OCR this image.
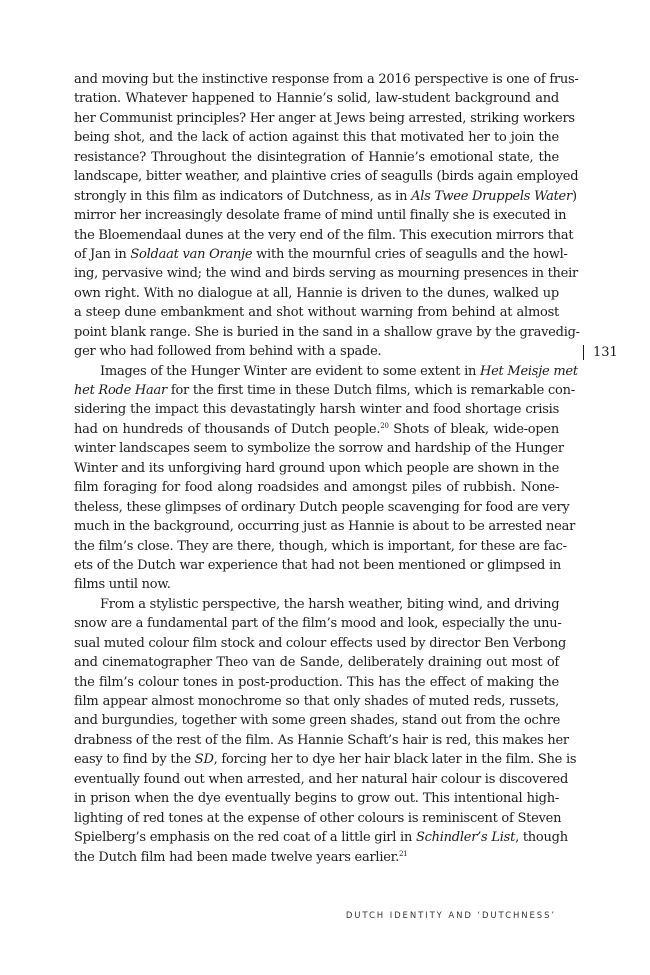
and moving but the instinctive response from a 2016 perspective is one of frus-
tration. Whatever happened to Hannie’s solid, law-student background and
her Communist principles? Her anger at Jews being arrested, striking workers
being shot, and the lack of action against this that motivated her to join the
resistance? Throughout the disintegration of Hannie’s emotional state, the
landscape, bitter weather, and plaintive cries of seagulls (birds again employed
strongly in this film as indicators of Dutchness, as in Als Twee Druppels Water)
mirror her increasingly desolate frame of mind until finally she is executed in
the Bloemendaal dunes at the very end of the film. This execution mirrors that
of Jan in Soldaat van Oranje with the mournful cries of seagulls and the howl-
ing, pervasive wind; the wind and birds serving as mourning presences in their
own right. With no dialogue at all, Hannie is driven to the dunes, walked up
a steep dune embankment and shot without warning from behind at almost
point blank range. She is buried in the sand in a shallow grave by the gravedig-
ger who had followed from behind with a spade.
Images of the Hunger Winter are evident to some extent in Het Meisje met
het Rode Haar for the first time in these Dutch films, which is remarkable con-
sidering the impact this devastatingly harsh winter and food shortage crisis
had on hundreds of thousands of Dutch people.$^{20}$ Shots of bleak, wide-open
winter landscapes seem to symbolize the sorrow and hardship of the Hunger
Winter and its unforgiving hard ground upon which people are shown in the
film foraging for food along roadsides and amongst piles of rubbish. None-
theless, these glimpses of ordinary Dutch people scavenging for food are very
much in the background, occurring just as Hannie is about to be arrested near
the film’s close. They are there, though, which is important, for these are fac-
ets of the Dutch war experience that had not been mentioned or glimpsed in
films until now.
From a stylistic perspective, the harsh weather, biting wind, and driving
snow are a fundamental part of the film’s mood and look, especially the unu-
sual muted colour film stock and colour effects used by director Ben Verbong
and cinematographer Theo van de Sande, deliberately draining out most of
the film’s colour tones in post-production. This has the effect of making the
film appear almost monochrome so that only shades of muted reds, russets,
and burgundies, together with some green shades, stand out from the ochre
drabness of the rest of the film. As Hannie Schaft’s hair is red, this makes her
easy to find by the SD, forcing her to dye her hair black later in the film. She is
eventually found out when arrested, and her natural hair colour is discovered
in prison when the dye eventually begins to grow out. This intentional high-
lighting of red tones at the expense of other colours is reminiscent of Steven
Spielberg’s emphasis on the red coat of a little girl in Schindler’s List, though
the Dutch film had been made twelve years earlier.$^{21}$
131
DUTCH IDENTITY AND ‘DUTCHNESS’
